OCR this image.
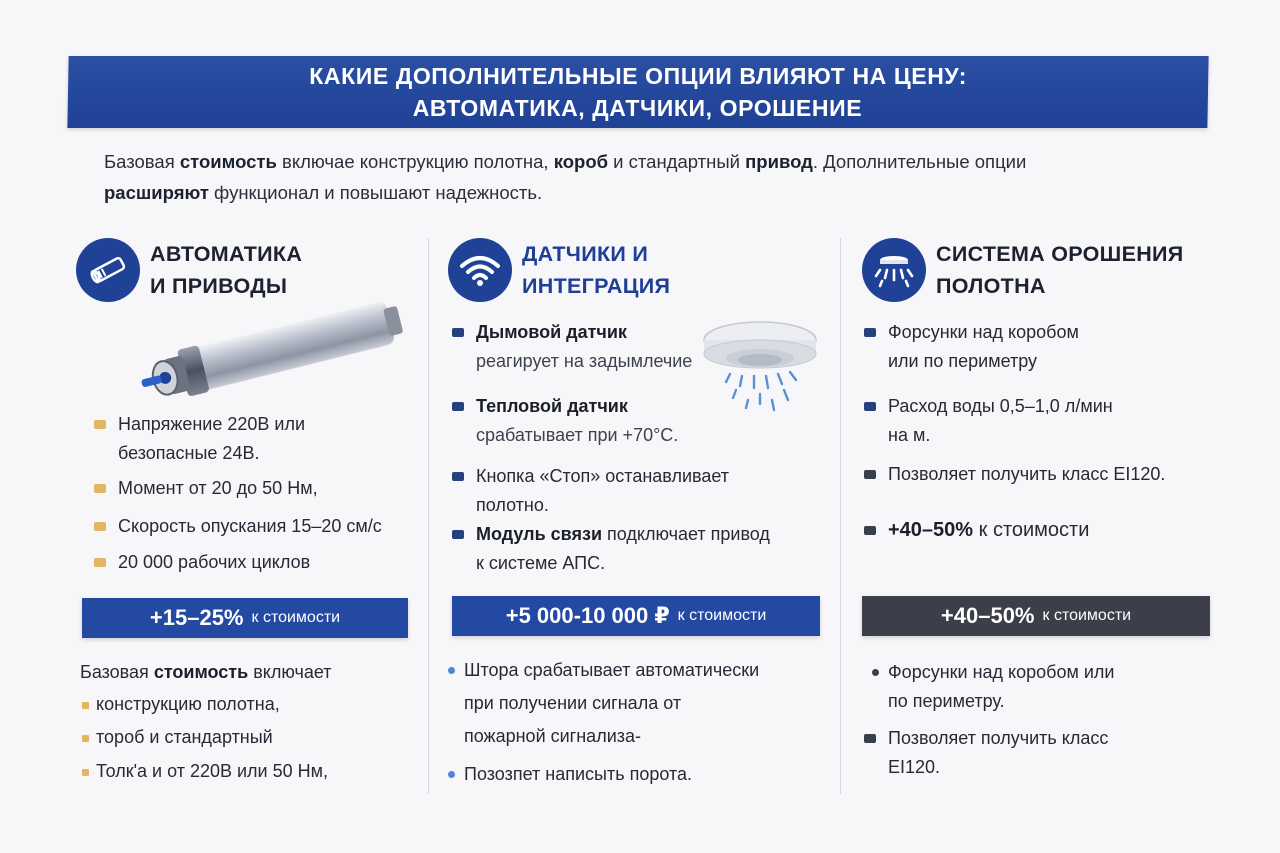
КАКИЕ ДОПОЛНИТЕЛЬНЫЕ ОПЦИИ ВЛИЯЮТ НА ЦЕНУ:
АВТОМАТИКА, ДАТЧИКИ, ОРОШЕНИЕ
Базовая стоимость включае конструкцию полотна, короб и стандартный привод. Дополнительные опции
расширяют функционал и повышают надежность.
АВТОМАТИКА
И ПРИВОДЫ
Напряжение 220В или
безопасные 24В.
Момент от 20 до 50 Нм,
Скорость опускания 15–20 см/с
20 000 рабочих циклов
+15–25% к стоимости
Базовая стоимость включает
конструкцию полотна,
тороб и стандартный
Толк'а и от 220В или 50 Нм,
ДАТЧИКИ И
ИНТЕГРАЦИЯ
Дымовой датчик
реагирует на задымлечие
Тепловой датчик
срабатывает при +70°С.
Кнопка «Стоп» останавливает
полотно.
Модуль связи подключает привод
к системе АПС.
+5 000-10 000 ₽ к стоимости
Штора срабатывает автоматически
при получении сигнала от
пожарной сигнализа-
Позозпет написыть порота.
СИСТЕМА ОРОШЕНИЯ
ПОЛОТНА
Форсунки над коробом
или по периметру
Расход воды 0,5–1,0 л/мин
на м.
Позволяет получить класс EI120.
+40–50% к стоимости
+40–50% к стоимости
Форсунки над коробом или
по периметру.
Позволяет получить класс
EI120.
